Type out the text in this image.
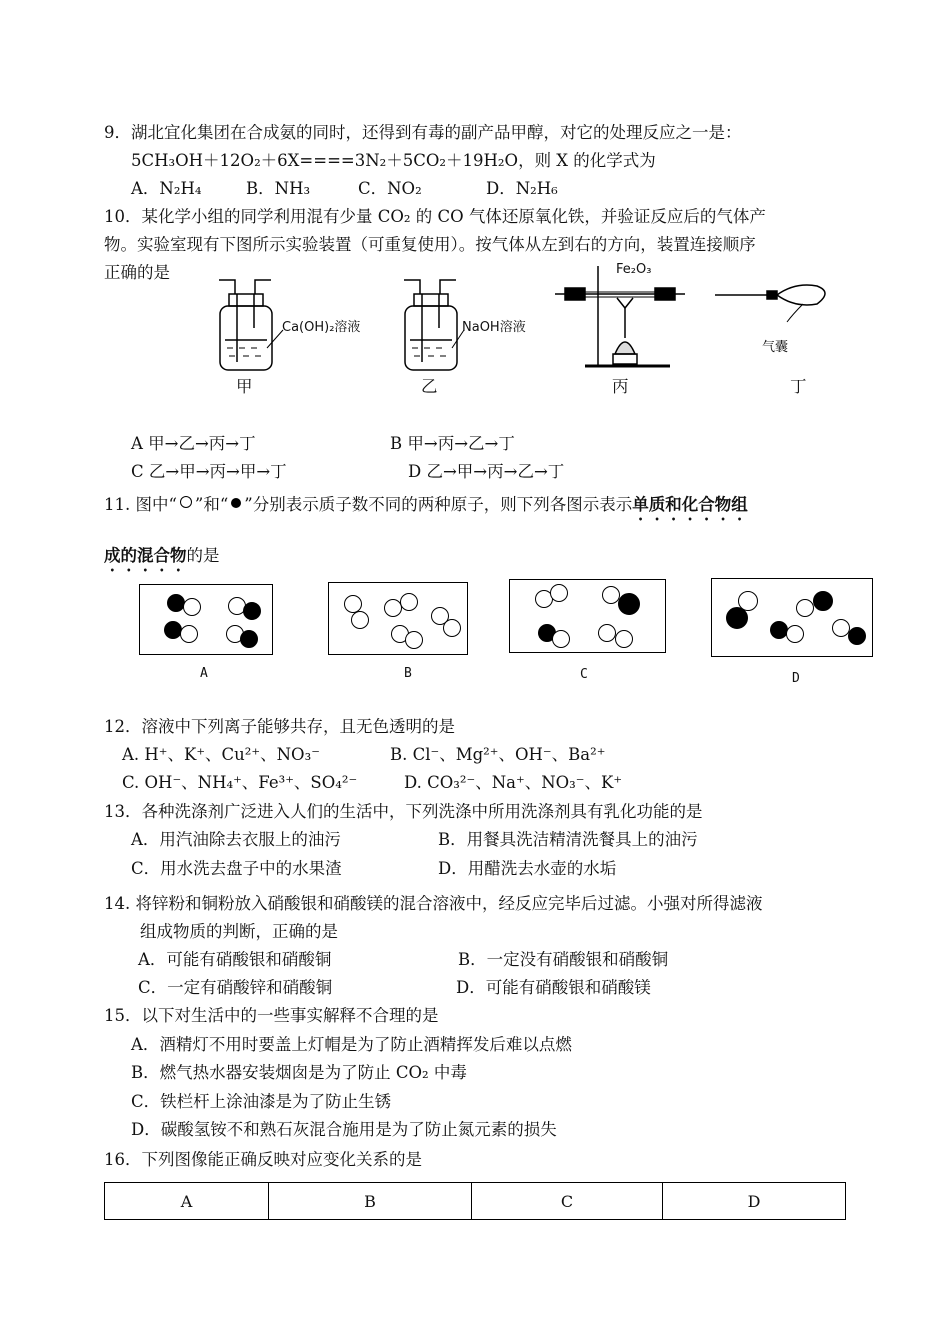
9．湖北宜化集团在合成氨的同时，还得到有毒的副产品甲醇，对它的处理反应之一是：
5CH₃OH＋12O₂＋6X====3N₂＋5CO₂＋19H₂O，则 X 的化学式为
A．N₂H₄	B．NH₃	C．NO₂	D．N₂H₆
10．某化学小组的同学利用混有少量 CO₂ 的 CO 气体还原氧化铁，并验证反应后的气体产
物。实验室现有下图所示实验装置（可重复使用）。按气体从左到右的方向，装置连接顺序
正确的是
Ca(OH)₂溶液	NaOH溶液
Fe₂O₃
气囊
甲	乙	丙	丁
A 甲→乙→丙→丁	B 甲→丙→乙→丁
C 乙→甲→丙→甲→丁	D 乙→甲→丙→乙→丁
11. 图中“ ”和“ ”分别表示质子数不同的两种原子，则下列各图示表示单质和化合物组
成的混合物的是
A	B	C	D
12．溶液中下列离子能够共存，且无色透明的是
A. H⁺、K⁺、Cu²⁺、NO₃⁻	B. Cl⁻、Mg²⁺、OH⁻、Ba²⁺
C. OH⁻、NH₄⁺、Fe³⁺、SO₄²⁻	D. CO₃²⁻、Na⁺、NO₃⁻、K⁺
13．各种洗涤剂广泛进入人们的生活中，下列洗涤中所用洗涤剂具有乳化功能的是
A．用汽油除去衣服上的油污	B．用餐具洗洁精清洗餐具上的油污
C．用水洗去盘子中的水果渣	D．用醋洗去水壶的水垢
14. 将锌粉和铜粉放入硝酸银和硝酸镁的混合溶液中，经反应完毕后过滤。小强对所得滤液
组成物质的判断，正确的是
A．可能有硝酸银和硝酸铜	B．一定没有硝酸银和硝酸铜
C．一定有硝酸锌和硝酸铜	D．可能有硝酸银和硝酸镁
15．以下对生活中的一些事实解释不合理的是
A．酒精灯不用时要盖上灯帽是为了防止酒精挥发后难以点燃
B．燃气热水器安装烟囱是为了防止 CO₂ 中毒
C．铁栏杆上涂油漆是为了防止生锈
D．碳酸氢铵不和熟石灰混合施用是为了防止氮元素的损失
16．下列图像能正确反映对应变化关系的是
A	B	C	D
